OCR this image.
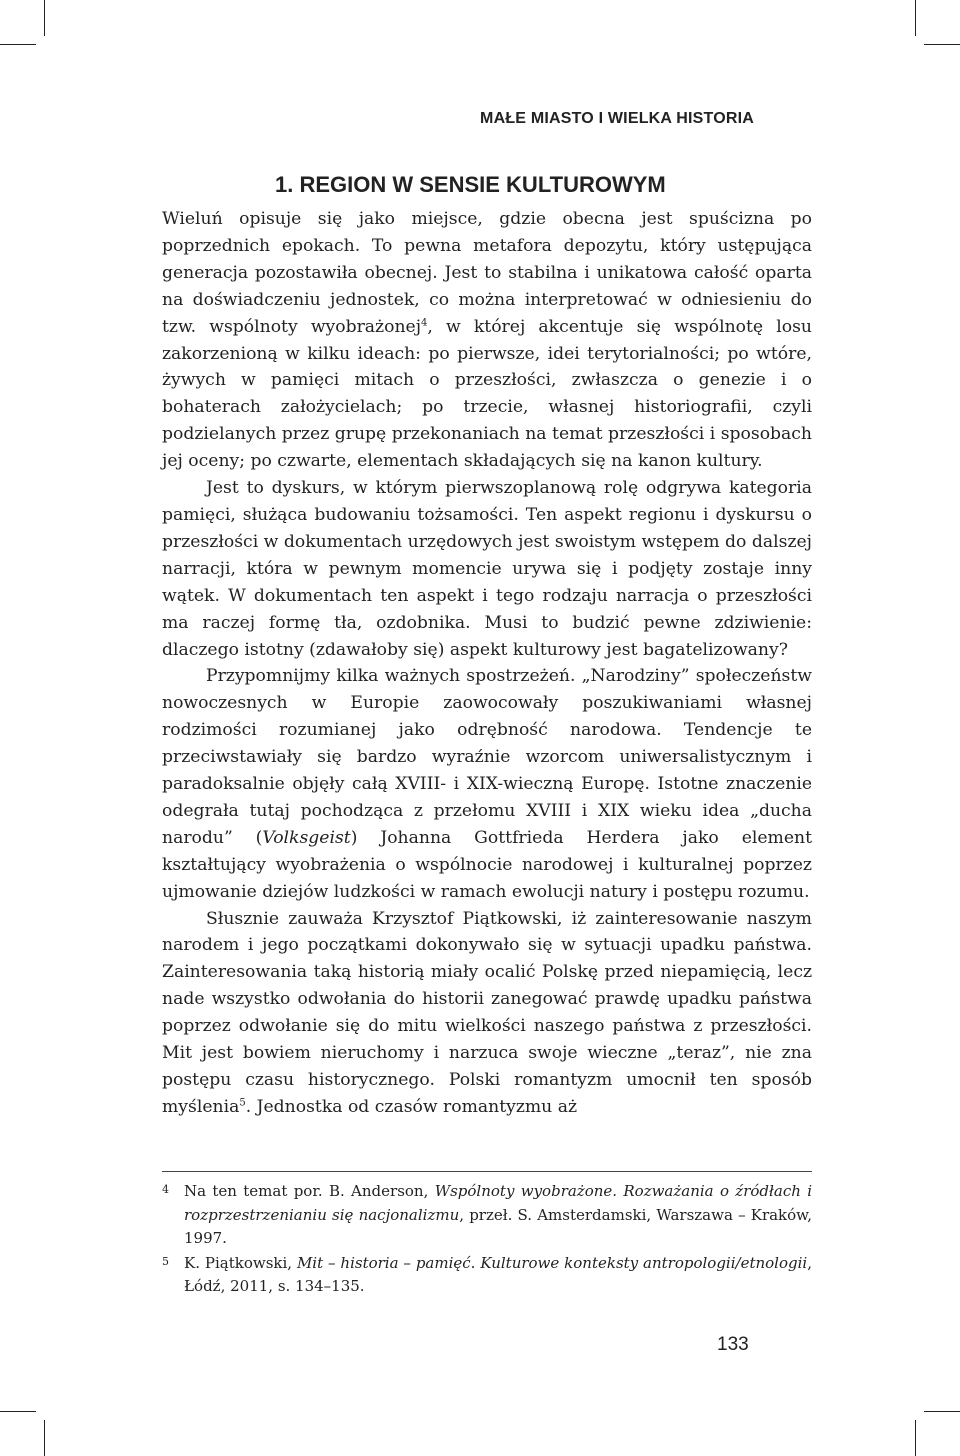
MAŁE MIASTO I WIELKA HISTORIA
1. REGION W SENSIE KULTUROWYM

Wieluń opisuje się jako miejsce, gdzie obecna jest spuścizna po poprzednich epokach. To pewna metafora depozytu, który ustępująca generacja pozostawiła obecnej. Jest to stabilna i unikatowa całość oparta na doświadczeniu jednostek, co można interpretować w odniesieniu do tzw. wspólnoty wyobrażonej$^4$, w której akcentuje się wspólnotę losu zakorzenioną w kilku ideach: po pierwsze, idei terytorialności; po wtóre, żywych w pamięci mitach o przeszłości, zwłaszcza o genezie i o bohaterach założycielach; po trzecie, własnej historiografii, czyli podzielanych przez grupę przekonaniach na temat przeszłości i sposobach jej oceny; po czwarte, elementach składających się na kanon kultury.

Jest to dyskurs, w którym pierwszoplanową rolę odgrywa kategoria pamięci, służąca budowaniu tożsamości. Ten aspekt regionu i dyskursu o przeszłości w dokumentach urzędowych jest swoistym wstępem do dalszej narracji, która w pewnym momencie urywa się i podjęty zostaje inny wątek. W dokumentach ten aspekt i tego rodzaju narracja o przeszłości ma raczej formę tła, ozdobnika. Musi to budzić pewne zdziwienie: dlaczego istotny (zdawałoby się) aspekt kulturowy jest bagatelizowany?

Przypomnijmy kilka ważnych spostrzeżeń. „Narodziny” społeczeństw nowoczesnych w Europie zaowocowały poszukiwaniami własnej rodzimości rozumianej jako odrębność narodowa. Tendencje te przeciwstawiały się bardzo wyraźnie wzorcom uniwersalistycznym i paradoksalnie objęły całą XVIII- i XIX-wieczną Europę. Istotne znaczenie odegrała tutaj pochodząca z przełomu XVIII i XIX wieku idea „ducha narodu” (Volksgeist) Johanna Gottfrieda Herdera jako element kształtujący wyobrażenia o wspólnocie narodowej i kulturalnej poprzez ujmowanie dziejów ludzkości w ramach ewolucji natury i postępu rozumu.

Słusznie zauważa Krzysztof Piątkowski, iż zainteresowanie naszym narodem i jego początkami dokonywało się w sytuacji upadku państwa. Zainteresowania taką historią miały ocalić Polskę przed niepamięcią, lecz nade wszystko odwołania do historii zanegować prawdę upadku państwa poprzez odwołanie się do mitu wielkości naszego państwa z przeszłości. Mit jest bowiem nieruchomy i narzuca swoje wieczne „teraz”, nie zna postępu czasu historycznego. Polski romantyzm umocnił ten sposób myślenia$^5$. Jednostka od czasów romantyzmu aż

4 Na ten temat por. B. Anderson, Wspólnoty wyobrażone. Rozważania o źródłach i rozprzestrzenianiu się nacjonalizmu, przeł. S. Amsterdamski, Warszawa – Kraków, 1997.

5 K. Piątkowski, Mit – historia – pamięć. Kulturowe konteksty antropologii/etnologii, Łódź, 2011, s. 134–135.

133
